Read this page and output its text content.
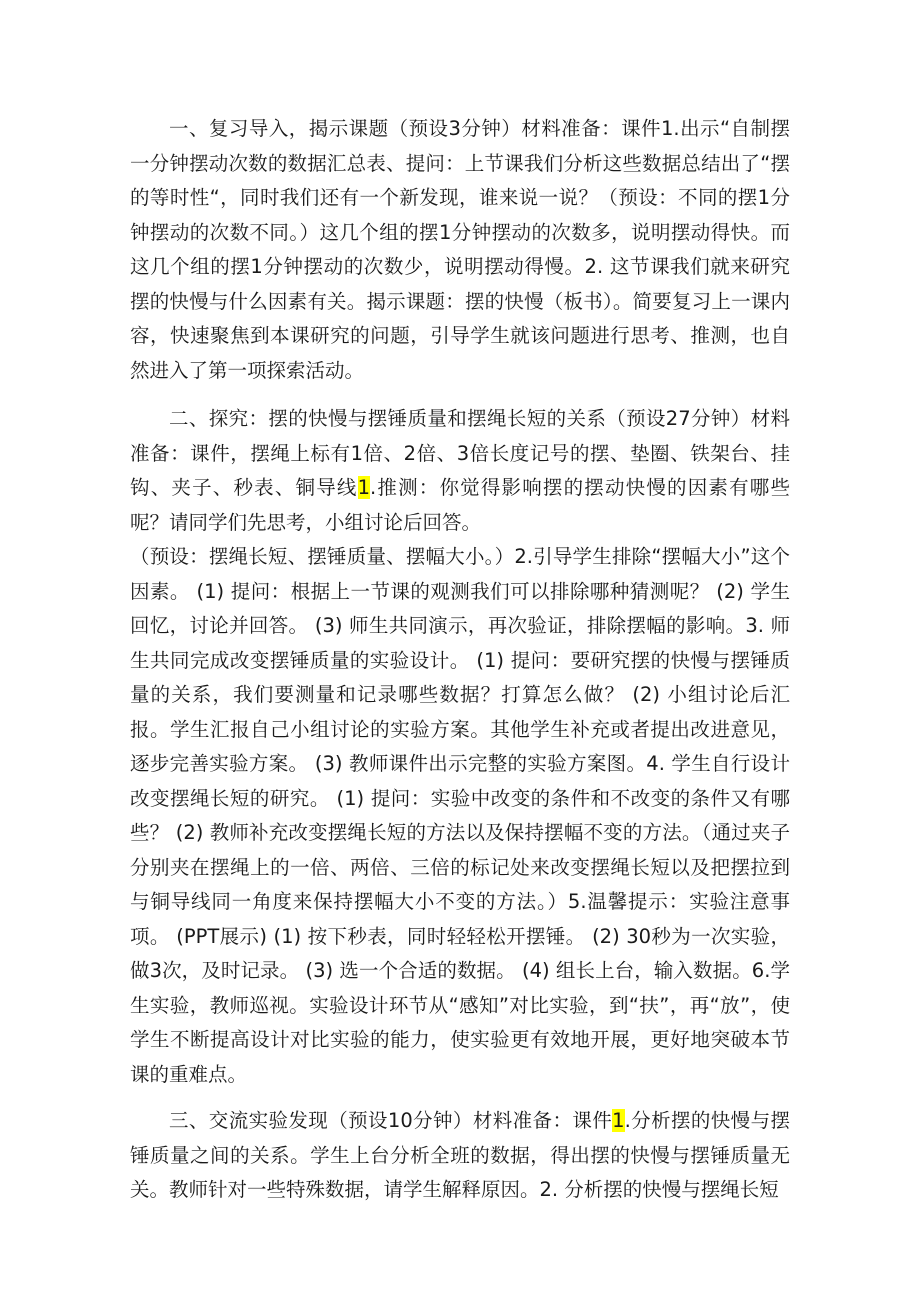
一、复习导入，揭示课题（预设3分钟）材料准备：课件1.出示“自制摆一分钟摆动次数的数据汇总表、提问：上节课我们分析这些数据总结出了“摆的等时性“，同时我们还有一个新发现，谁来说一说？（预设：不同的摆1分钟摆动的次数不同。）这几个组的摆1分钟摆动的次数多，说明摆动得快。而这几个组的摆1分钟摆动的次数少，说明摆动得慢。2. 这节课我们就来研究摆的快慢与什么因素有关。揭示课题：摆的快慢（板书）。简要复习上一课内容，快速聚焦到本课研究的问题，引导学生就该问题进行思考、推测，也自然进入了第一项探索活动。

二、探究：摆的快慢与摆锤质量和摆绳长短的关系（预设27分钟）材料准备：课件，摆绳上标有1倍、2倍、3倍长度记号的摆、垫圈、铁架台、挂钩、夹子、秒表、铜导线1.推测：你觉得影响摆的摆动快慢的因素有哪些呢？请同学们先思考，小组讨论后回答。

（预设：摆绳长短、摆锤质量、摆幅大小。）2.引导学生排除“摆幅大小”这个因素。 (1) 提问：根据上一节课的观测我们可以排除哪种猜测呢？ (2) 学生回忆，讨论并回答。 (3) 师生共同演示，再次验证，排除摆幅的影响。3. 师生共同完成改变摆锤质量的实验设计。 (1) 提问：要研究摆的快慢与摆锤质量的关系，我们要测量和记录哪些数据？打算怎么做？ (2) 小组讨论后汇报。学生汇报自己小组讨论的实验方案。其他学生补充或者提出改进意见，逐步完善实验方案。 (3) 教师课件出示完整的实验方案图。4. 学生自行设计改变摆绳长短的研究。 (1) 提问：实验中改变的条件和不改变的条件又有哪些？ (2) 教师补充改变摆绳长短的方法以及保持摆幅不变的方法。（通过夹子分别夹在摆绳上的一倍、两倍、三倍的标记处来改变摆绳长短以及把摆拉到与铜导线同一角度来保持摆幅大小不变的方法。）5.温馨提示：实验注意事项。 (PPT展示) (1) 按下秒表，同时轻轻松开摆锤。 (2) 30秒为一次实验，做3次，及时记录。 (3) 选一个合适的数据。 (4) 组长上台，输入数据。6.学生实验，教师巡视。实验设计环节从“感知”对比实验，到“扶”，再“放”，使学生不断提高设计对比实验的能力，使实验更有效地开展，更好地突破本节课的重难点。

三、交流实验发现（预设10分钟）材料准备：课件1.分析摆的快慢与摆锤质量之间的关系。学生上台分析全班的数据，得出摆的快慢与摆锤质量无关。教师针对一些特殊数据，请学生解释原因。2. 分析摆的快慢与摆绳长短
